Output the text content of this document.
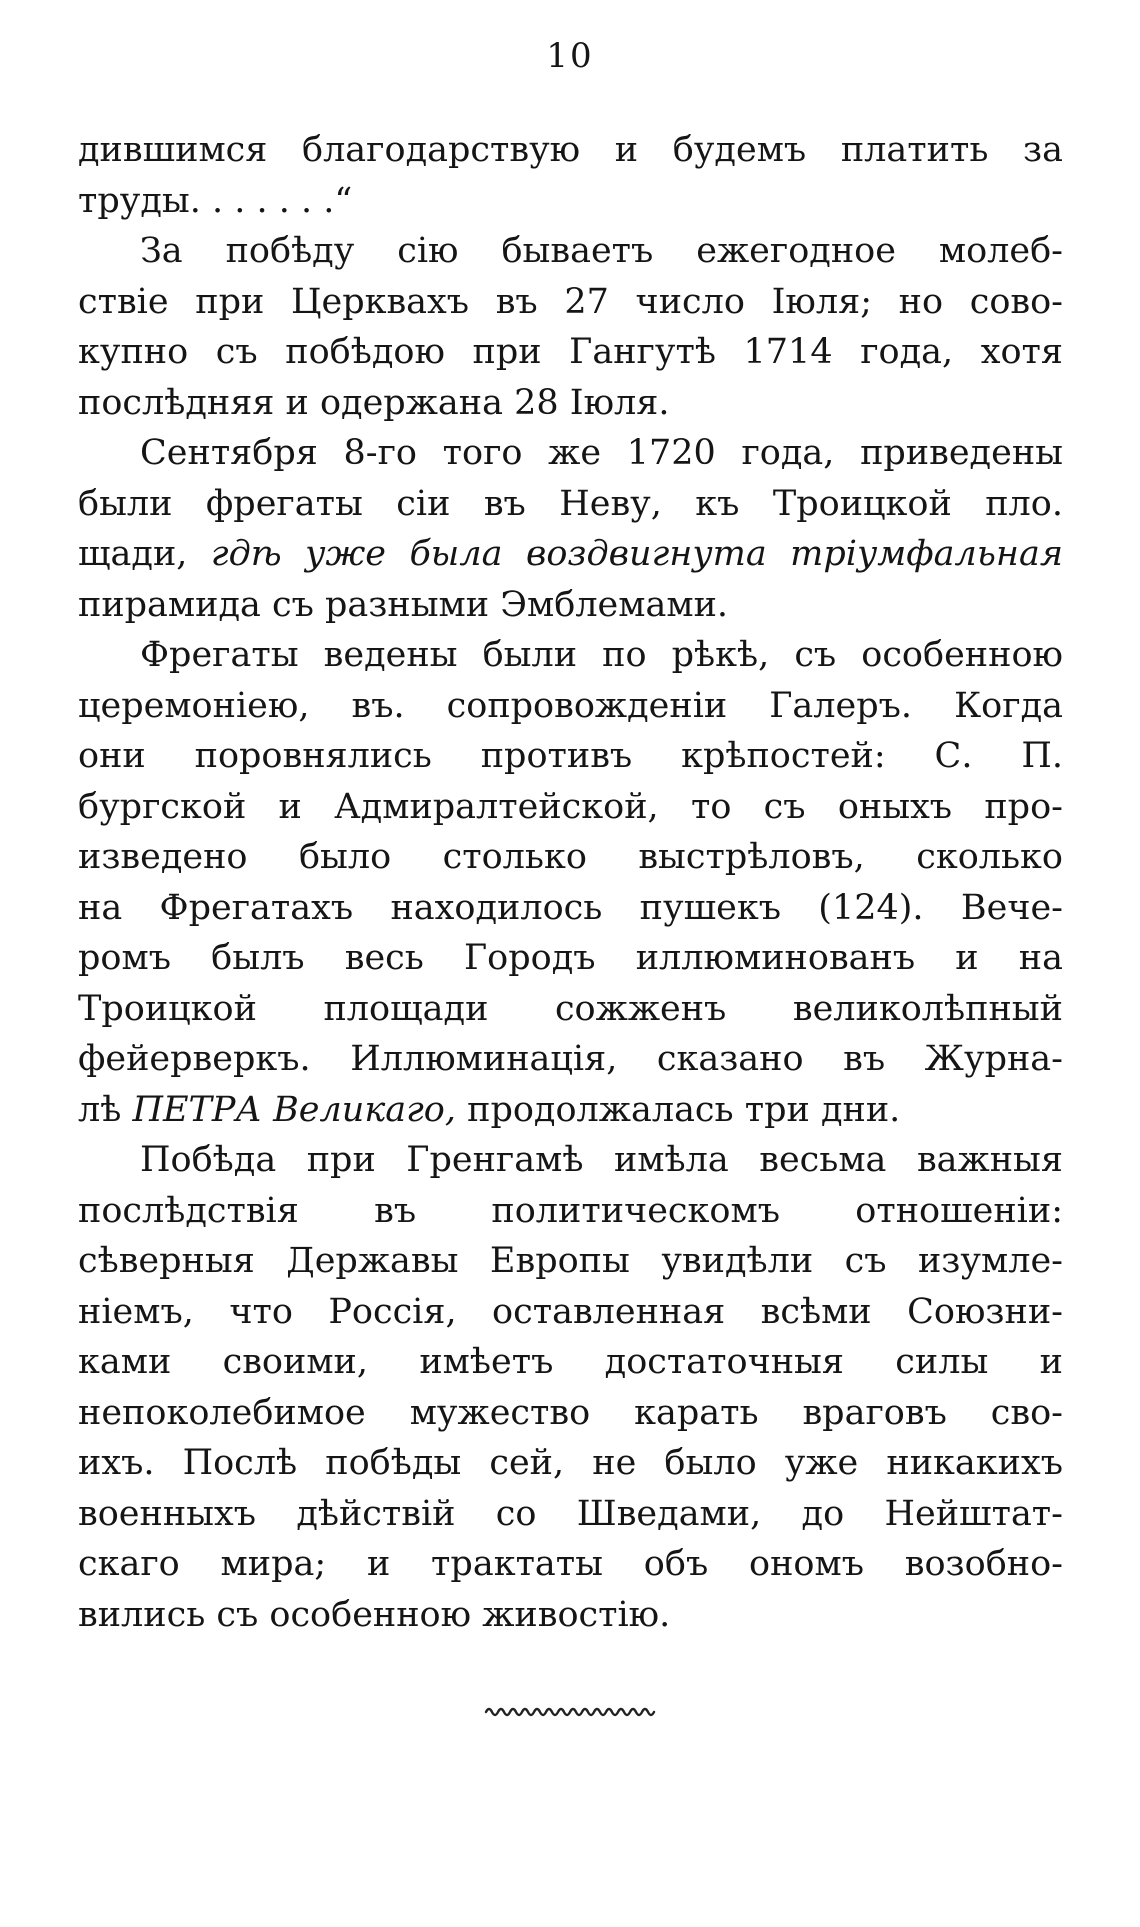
10
дившимся благодарствую и будемъ платить за
труды. . . . . . .“
За побѣду сію бываетъ ежегодное молеб-
ствіе при Церквахъ въ 27 число Іюля; но сово-
купно съ побѣдою при Гангутѣ 1714 года, хотя
послѣдняя и одержана 28 Іюля.
Сентября 8-го того же 1720 года, приведены
были фрегаты сіи въ Неву, къ Троицкой пло.
щади, гдѣ уже была воздвигнута тріумфальная
пирамида съ разными Эмблемами.
Фрегаты ведены были по рѣкѣ, съ особенною
церемоніею, въ. сопровожденіи Галеръ. Когда
они поровнялись противъ крѣпостей: С. П.
бургской и Адмиралтейской, то съ оныхъ про-
изведено было столько выстрѣловъ, сколько
на Фрегатахъ находилось пушекъ (124). Вече-
ромъ былъ весь Городъ иллюминованъ и на
Троицкой площади сожженъ великолѣпный
фейерверкъ. Иллюминація, сказано въ Журна-
лѣ ПЕТРА Великаго, продолжалась три дни.
Побѣда при Гренгамѣ имѣла весьма важныя
послѣдствія въ политическомъ отношеніи:
сѣверныя Державы Европы увидѣли съ изумле-
ніемъ, что Россія, оставленная всѣми Союзни-
ками своими, имѣетъ достаточныя силы и
непоколебимое мужество карать враговъ сво-
ихъ. Послѣ побѣды сей, не было уже никакихъ
военныхъ дѣйствій со Шведами, до Нейштат-
скаго мира; и трактаты объ ономъ возобно-
вились съ особенною живостію.
